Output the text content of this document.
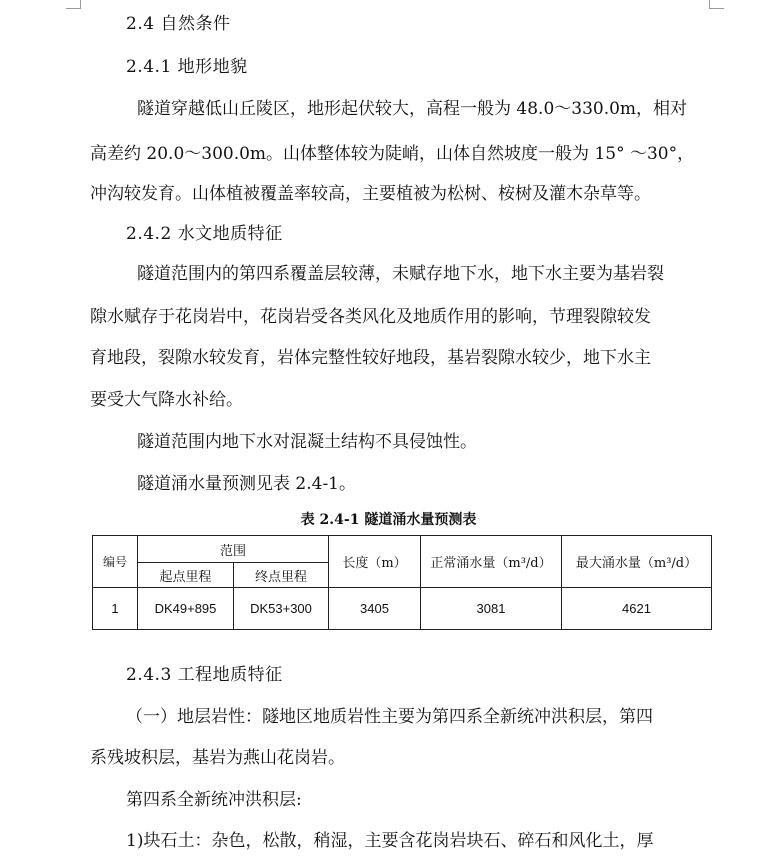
2.4 自然条件
2.4.1 地形地貌
隧道穿越低山丘陵区，地形起伏较大，高程一般为 48.0～330.0m，相对
高差约 20.0～300.0m。山体整体较为陡峭，山体自然坡度一般为 15° ～30°，
冲沟较发育。山体植被覆盖率较高，主要植被为松树、桉树及灌木杂草等。
2.4.2 水文地质特征
隧道范围内的第四系覆盖层较薄，未赋存地下水，地下水主要为基岩裂
隙水赋存于花岗岩中，花岗岩受各类风化及地质作用的影响，节理裂隙较发
育地段，裂隙水较发育，岩体完整性较好地段，基岩裂隙水较少，地下水主
要受大气降水补给。
隧道范围内地下水对混凝土结构不具侵蚀性。
隧道涌水量预测见表 2.4-1。
表 2.4-1 隧道涌水量预测表
编号	范围		长度（m）	正常涌水量（m³/d）	最大涌水量（m³/d）
	起点里程	终点里程			
1	DK49+895	DK53+300	3405	3081	4621
2.4.3 工程地质特征
（一）地层岩性：隧地区地质岩性主要为第四系全新统冲洪积层，第四
系残坡积层，基岩为燕山花岗岩。
第四系全新统冲洪积层:
1)块石土：杂色，松散，稍湿，主要含花岗岩块石、碎石和风化土，厚
